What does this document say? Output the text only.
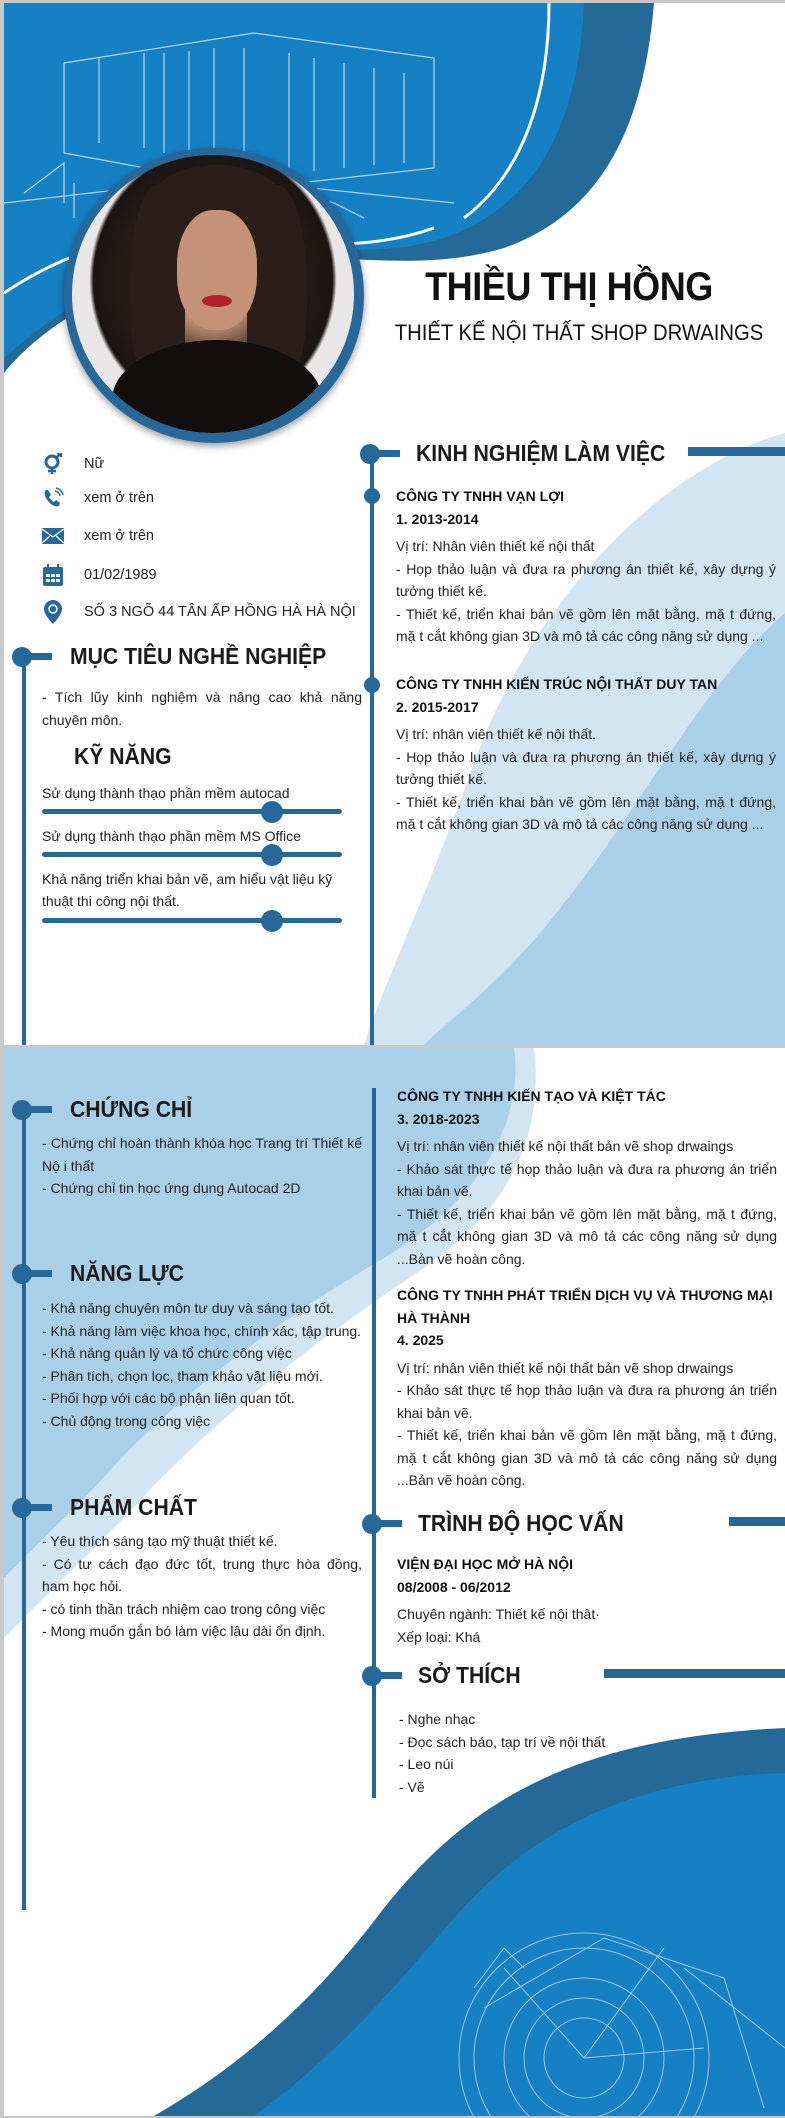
THIỀU THỊ HỒNG
THIẾT KẾ NỘI THẤT SHOP DRWAINGS
Nữ
xem ở trên
xem ở trên
01/02/1989
SỐ 3 NGÕ 44 TÂN ẤP HỒNG HÀ HÀ NỘI
MỤC TIÊU NGHỀ NGHIỆP
- Tích lũy kinh nghiệm và nâng cao khả năng chuyên môn.
KỸ NĂNG
Sử dụng thành thạo phần mềm autocad
Sử dụng thành thạo phần mềm MS Office
Khả năng triển khai bản vẽ, am hiểu vật liệu kỹ thuật thi công nội thất.
KINH NGHIỆM LÀM VIỆC

CÔNG TY TNHH VẠN LỢI

1. 2013-2014

Vị trí: Nhân viên thiết kế nội thất

- Họp thảo luận và đưa ra phương án thiết kế, xây dựng ý tưởng thiết kế.

- Thiết kế, triển khai bản vẽ gồm lên mặt bằng, mặ t đứng, mặ t cắt không gian 3D và mô tả các công năng sử dụng ...

CÔNG TY TNHH KIẾN TRÚC NỘI THẤT DUY TAN

2. 2015-2017

Vị trí: nhân viên thiết kế nội thất.

- Họp thảo luận và đưa ra phương án thiết kế, xây dựng ý tưởng thiết kế.

- Thiết kế, triển khai bản vẽ gồm lên mặt bằng, mặ t đứng, mặ t cắt không gian 3D và mô tả các công năng sử dụng ...

CHỨNG CHỈ

- Chứng chỉ hoàn thành khóa học Trang trí Thiết kế Nộ i thất

- Chứng chỉ tin học ứng dụng Autocad 2D

NĂNG LỰC

- Khả năng chuyên môn tư duy và sáng tạo tốt.

- Khả năng làm việc khoa học, chính xác, tập trung.

- Khả năng quản lý và tổ chức công việc

- Phân tích, chọn lọc, tham khảo vật liệu mới.

- Phối hợp với các bộ phận liên quan tốt.

- Chủ động trong công việc

PHẨM CHẤT

- Yêu thích sáng tạo mỹ thuật thiết kế.

- Có tư cách đạo đức tốt, trung thực hòa đồng, ham học hỏi.

- có tinh thần trách nhiệm cao trong công việc

- Mong muốn gắn bó làm việc lâu dài ổn định.

CÔNG TY TNHH KIẾN TẠO VÀ KIỆT TÁC

3. 2018-2023

Vị trí: nhân viên thiết kế nội thất bản vẽ shop drwaings

- Khảo sát thực tế họp thảo luận và đưa ra phương án triển khai bản vẽ.

- Thiết kế, triển khai bản vẽ gồm lên mặt bằng, mặ t đứng, mặ t cắt không gian 3D và mô tả các công năng sử dụng ...Bản vẽ hoàn công.

CÔNG TY TNHH PHÁT TRIỂN DỊCH VỤ VÀ THƯƠNG MẠI HÀ THÀNH

4. 2025

Vị trí: nhân viên thiết kế nội thất bản vẽ shop drwaings

- Khảo sát thực tế họp thảo luận và đưa ra phương án triển khai bản vẽ.

- Thiết kế, triển khai bản vẽ gồm lên mặt bằng, mặ t đứng, mặ t cắt không gian 3D và mô tả các công năng sử dụng ...Bản vẽ hoàn công.

TRÌNH ĐỘ HỌC VẤN

VIỆN ĐẠI HỌC MỞ HÀ NỘI

08/2008 - 06/2012

Chuyên ngành: Thiết kế nội thât·

Xếp loại: Khá

SỞ THÍCH

- Nghe nhạc

- Đọc sách báo, tạp trí về nội thất

- Leo núi

- Vẽ
